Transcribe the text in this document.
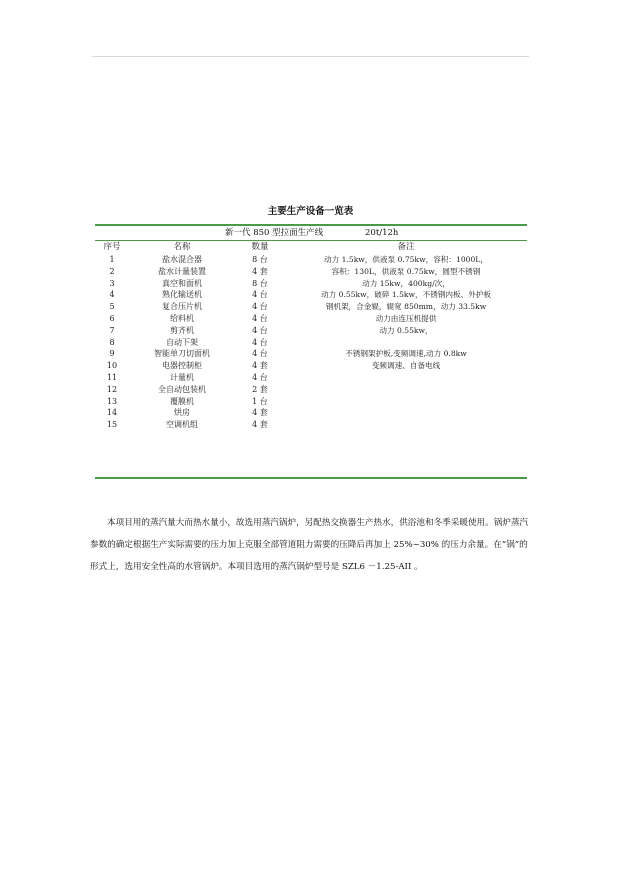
主要生产设备一览表
新一代 850 型拉面生产线	20t/12h
序号	名称	数量	备注
1	盐水混合器	8 台	动力 1.5kw，供液泵 0.75kw，容积：1000L，
2	盐水计量装置	4 套	容积：130L，供液泵 0.75kw，圆型不锈钢
3	真空和面机	8 台	动力 15kw，400kg/次，
4	熟化输送机	4 台	动力 0.55kw，破碎 1.5kw，不锈钢内板、外护板
5	复合压片机	4 台	钢机架，合金辊，辊宽 850mm，动力 33.5kw
6	给料机	4 台	动力由连压机提供
7	剪齐机	4 台	动力 0.55kw，
8	自动下架	4 台	
9	智能单刀切面机	4 台	不锈钢架护板,变频调速,动力 0.8kw
10	电器控制柜	4 套	变频调速、自备电线
11	计量机	4 台	
12	全自动包装机	2 套	
13	覆膜机	1 台	
14	烘房	4 套	
15	空调机组	4 套	

本项目用的蒸汽量大而热水量小，故选用蒸汽锅炉，另配热交换器生产热水，供浴池和冬季采暖使用。锅炉蒸汽参数的确定根据生产实际需要的压力加上克服全部管道阻力需要的压降后再加上 25%~30% 的压力余量。在“锅”的形式上，选用安全性高的水管锅炉。本项目选用的蒸汽锅炉型号是 SZL6 －1.25-AII 。
